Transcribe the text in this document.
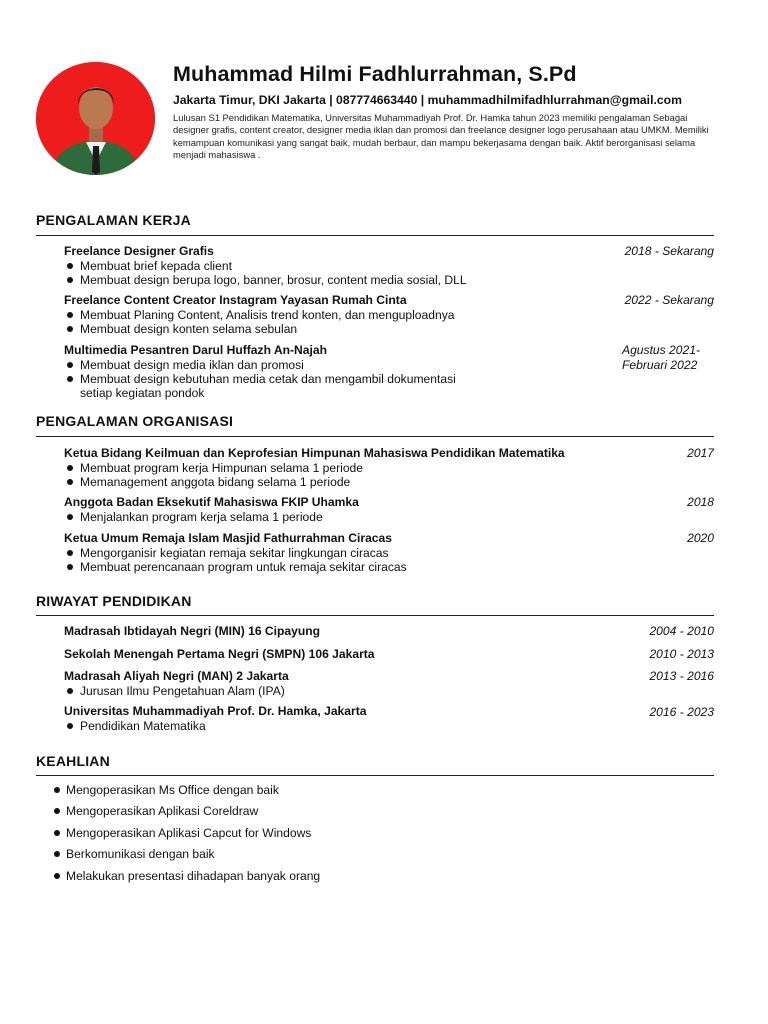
Muhammad Hilmi Fadhlurrahman, S.Pd
Jakarta Timur, DKI Jakarta | 087774663440 | muhammadhilmifadhlurrahman@gmail.com
Lulusan S1 Pendidikan Matematika, Universitas Muhammadiyah Prof. Dr. Hamka tahun 2023 memiliki pengalaman Sebagai designer grafis, content creator, designer media iklan dan promosi dan freelance designer logo perusahaan atau UMKM. Memiliki kemampuan komunikasi yang sangat baik, mudah berbaur, dan mampu bekerjasama dengan baik. Aktif berorganisasi selama menjadi mahasiswa .
PENGALAMAN KERJA
Freelance Designer Grafis	2018 - Sekarang
Membuat brief kepada client
Membuat design berupa logo, banner, brosur, content media sosial, DLL
Freelance Content Creator Instagram Yayasan Rumah Cinta	2022 - Sekarang
Membuat Planing Content, Analisis trend konten, dan menguploadnya
Membuat design konten selama sebulan
Multimedia Pesantren Darul Huffazh An-Najah	Agustus 2021- Februari 2022
Membuat design media iklan dan promosi
Membuat design kebutuhan media cetak dan mengambil dokumentasi setiap kegiatan pondok
PENGALAMAN ORGANISASI
Ketua Bidang Keilmuan dan Keprofesian Himpunan Mahasiswa Pendidikan Matematika	2017
Membuat program kerja Himpunan selama 1 periode
Memanagement anggota bidang selama 1 periode
Anggota Badan Eksekutif Mahasiswa FKIP Uhamka	2018
Menjalankan program kerja selama 1 periode
Ketua Umum Remaja Islam Masjid Fathurrahman Ciracas	2020
Mengorganisir kegiatan remaja sekitar lingkungan ciracas
Membuat perencanaan program untuk remaja sekitar ciracas
RIWAYAT PENDIDIKAN
Madrasah Ibtidayah Negri (MIN) 16 Cipayung	2004 - 2010
Sekolah Menengah Pertama Negri (SMPN) 106 Jakarta	2010 - 2013
Madrasah Aliyah Negri (MAN) 2 Jakarta	2013 - 2016
Jurusan Ilmu Pengetahuan Alam (IPA)
Universitas Muhammadiyah Prof. Dr. Hamka, Jakarta	2016 - 2023
Pendidikan Matematika
KEAHLIAN
Mengoperasikan Ms Office dengan baik
Mengoperasikan Aplikasi Coreldraw
Mengoperasikan Aplikasi Capcut for Windows
Berkomunikasi dengan baik
Melakukan presentasi dihadapan banyak orang
